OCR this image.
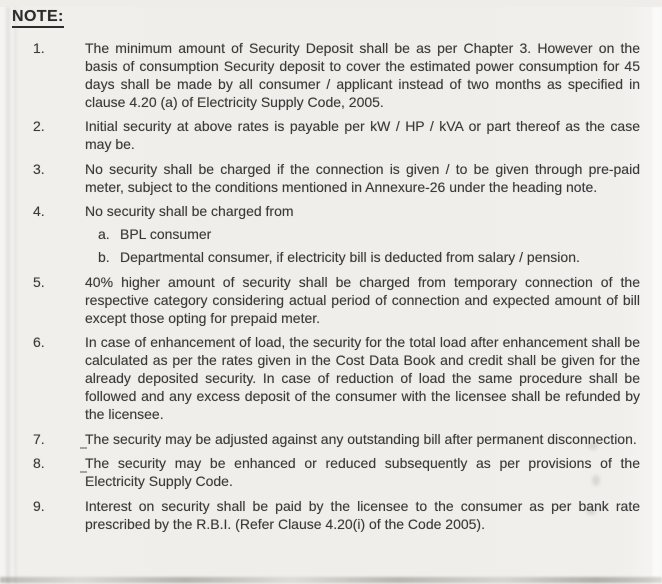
NOTE:
1.	The minimum amount of Security Deposit shall be as per Chapter 3. However on the basis of consumption Security deposit to cover the estimated power consumption for 45 days shall be made by all consumer / applicant instead of two months as specified in clause 4.20 (a) of Electricity Supply Code, 2005.

2.	Initial security at above rates is payable per kW / HP / kVA or part thereof as the case may be.

3.	No security shall be charged if the connection is given / to be given through pre-paid meter, subject to the conditions mentioned in Annexure-26 under the heading note.

4.	No security shall be charged from

a. BPL consumer
b. Departmental consumer, if electricity bill is deducted from salary / pension.
5.	40% higher amount of security shall be charged from temporary connection of the respective category considering actual period of connection and expected amount of bill except those opting for prepaid meter.

6.	In case of enhancement of load, the security for the total load after enhancement shall be calculated as per the rates given in the Cost Data Book and credit shall be given for the already deposited security. In case of reduction of load the same procedure shall be followed and any excess deposit of the consumer with the licensee shall be refunded by the licensee.

7.	The security may be adjusted against any outstanding bill after permanent disconnection.

8.	The security may be enhanced or reduced subsequently as per provisions of the Electricity Supply Code.

9.	Interest on security shall be paid by the licensee to the consumer as per bank rate prescribed by the R.B.I. (Refer Clause 4.20(i) of the Code 2005).
